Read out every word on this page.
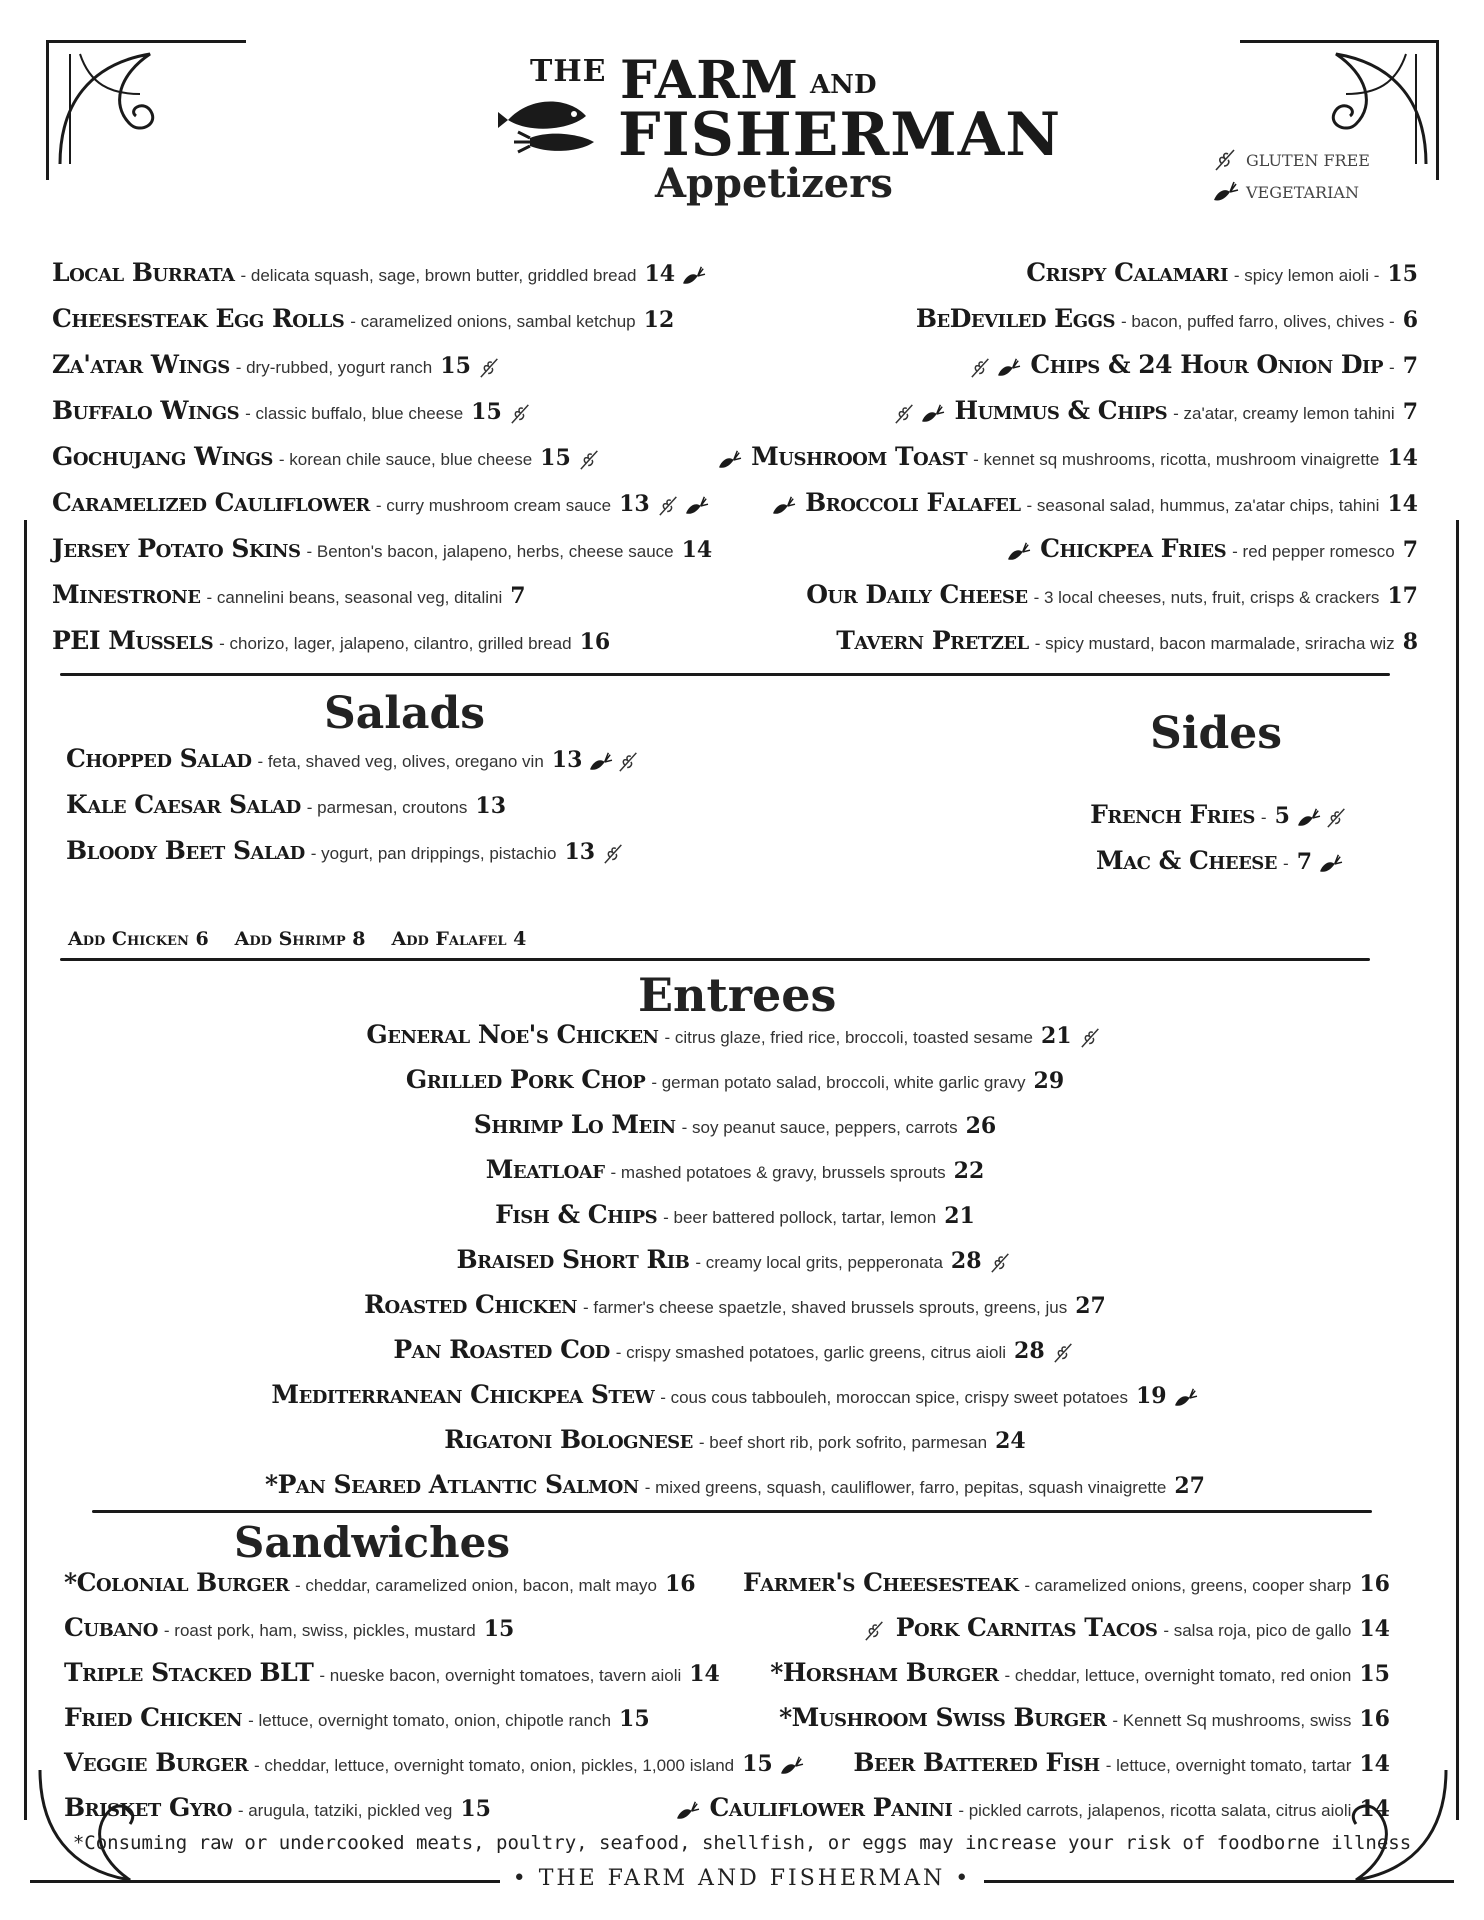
THE FARM AND
FISHERMAN
Appetizers	GLUTEN FREE
VEGETARIAN
Local Burrata - delicata squash, sage, brown butter, griddled bread 14
Cheesesteak Egg Rolls - caramelized onions, sambal ketchup 12
Za'atar Wings - dry-rubbed, yogurt ranch 15
Buffalo Wings - classic buffalo, blue cheese 15
Gochujang Wings - korean chile sauce, blue cheese 15
Caramelized Cauliflower - curry mushroom cream sauce 13
Jersey Potato Skins - Benton's bacon, jalapeno, herbs, cheese sauce 14
Minestrone - cannelini beans, seasonal veg, ditalini 7
PEI Mussels - chorizo, lager, jalapeno, cilantro, grilled bread 16
Crispy Calamari - spicy lemon aioli - 15
BeDeviled Eggs - bacon, puffed farro, olives, chives - 6
Chips & 24 Hour Onion Dip - 7
Hummus & Chips - za'atar, creamy lemon tahini 7
Mushroom Toast - kennet sq mushrooms, ricotta, mushroom vinaigrette 14
Broccoli Falafel - seasonal salad, hummus, za'atar chips, tahini 14
Chickpea Fries - red pepper romesco 7
Our Daily Cheese - 3 local cheeses, nuts, fruit, crisps & crackers 17
Tavern Pretzel - spicy mustard, bacon marmalade, sriracha wiz 8
Salads	Sides
Chopped Salad - feta, shaved veg, olives, oregano vin 13
Kale Caesar Salad - parmesan, croutons 13
Bloody Beet Salad - yogurt, pan drippings, pistachio 13
French Fries - 5
Mac & Cheese - 7
Add Chicken 6 Add Shrimp 8 Add Falafel 4
Entrees
General Noe's Chicken - citrus glaze, fried rice, broccoli, toasted sesame 21
Grilled Pork Chop - german potato salad, broccoli, white garlic gravy 29
Shrimp Lo Mein - soy peanut sauce, peppers, carrots 26
Meatloaf - mashed potatoes & gravy, brussels sprouts 22
Fish & Chips - beer battered pollock, tartar, lemon 21
Braised Short Rib - creamy local grits, pepperonata 28
Roasted Chicken - farmer's cheese spaetzle, shaved brussels sprouts, greens, jus 27
Pan Roasted Cod - crispy smashed potatoes, garlic greens, citrus aioli 28
Mediterranean Chickpea Stew - cous cous tabbouleh, moroccan spice, crispy sweet potatoes 19
Rigatoni Bolognese - beef short rib, pork sofrito, parmesan 24
*Pan Seared Atlantic Salmon - mixed greens, squash, cauliflower, farro, pepitas, squash vinaigrette 27
Sandwiches
*Colonial Burger - cheddar, caramelized onion, bacon, malt mayo 16
Cubano - roast pork, ham, swiss, pickles, mustard 15
Triple Stacked BLT - nueske bacon, overnight tomatoes, tavern aioli 14
Fried Chicken - lettuce, overnight tomato, onion, chipotle ranch 15
Veggie Burger - cheddar, lettuce, overnight tomato, onion, pickles, 1,000 island 15
Brisket Gyro - arugula, tatziki, pickled veg 15
Farmer's Cheesesteak - caramelized onions, greens, cooper sharp 16
Pork Carnitas Tacos - salsa roja, pico de gallo 14
*Horsham Burger - cheddar, lettuce, overnight tomato, red onion 15
*Mushroom Swiss Burger - Kennett Sq mushrooms, swiss 16
Beer Battered Fish - lettuce, overnight tomato, tartar 14
Cauliflower Panini - pickled carrots, jalapenos, ricotta salata, citrus aioli 14
*Consuming raw or undercooked meats, poultry, seafood, shellfish, or eggs may increase your risk of foodborne illness
• THE FARM AND FISHERMAN •
